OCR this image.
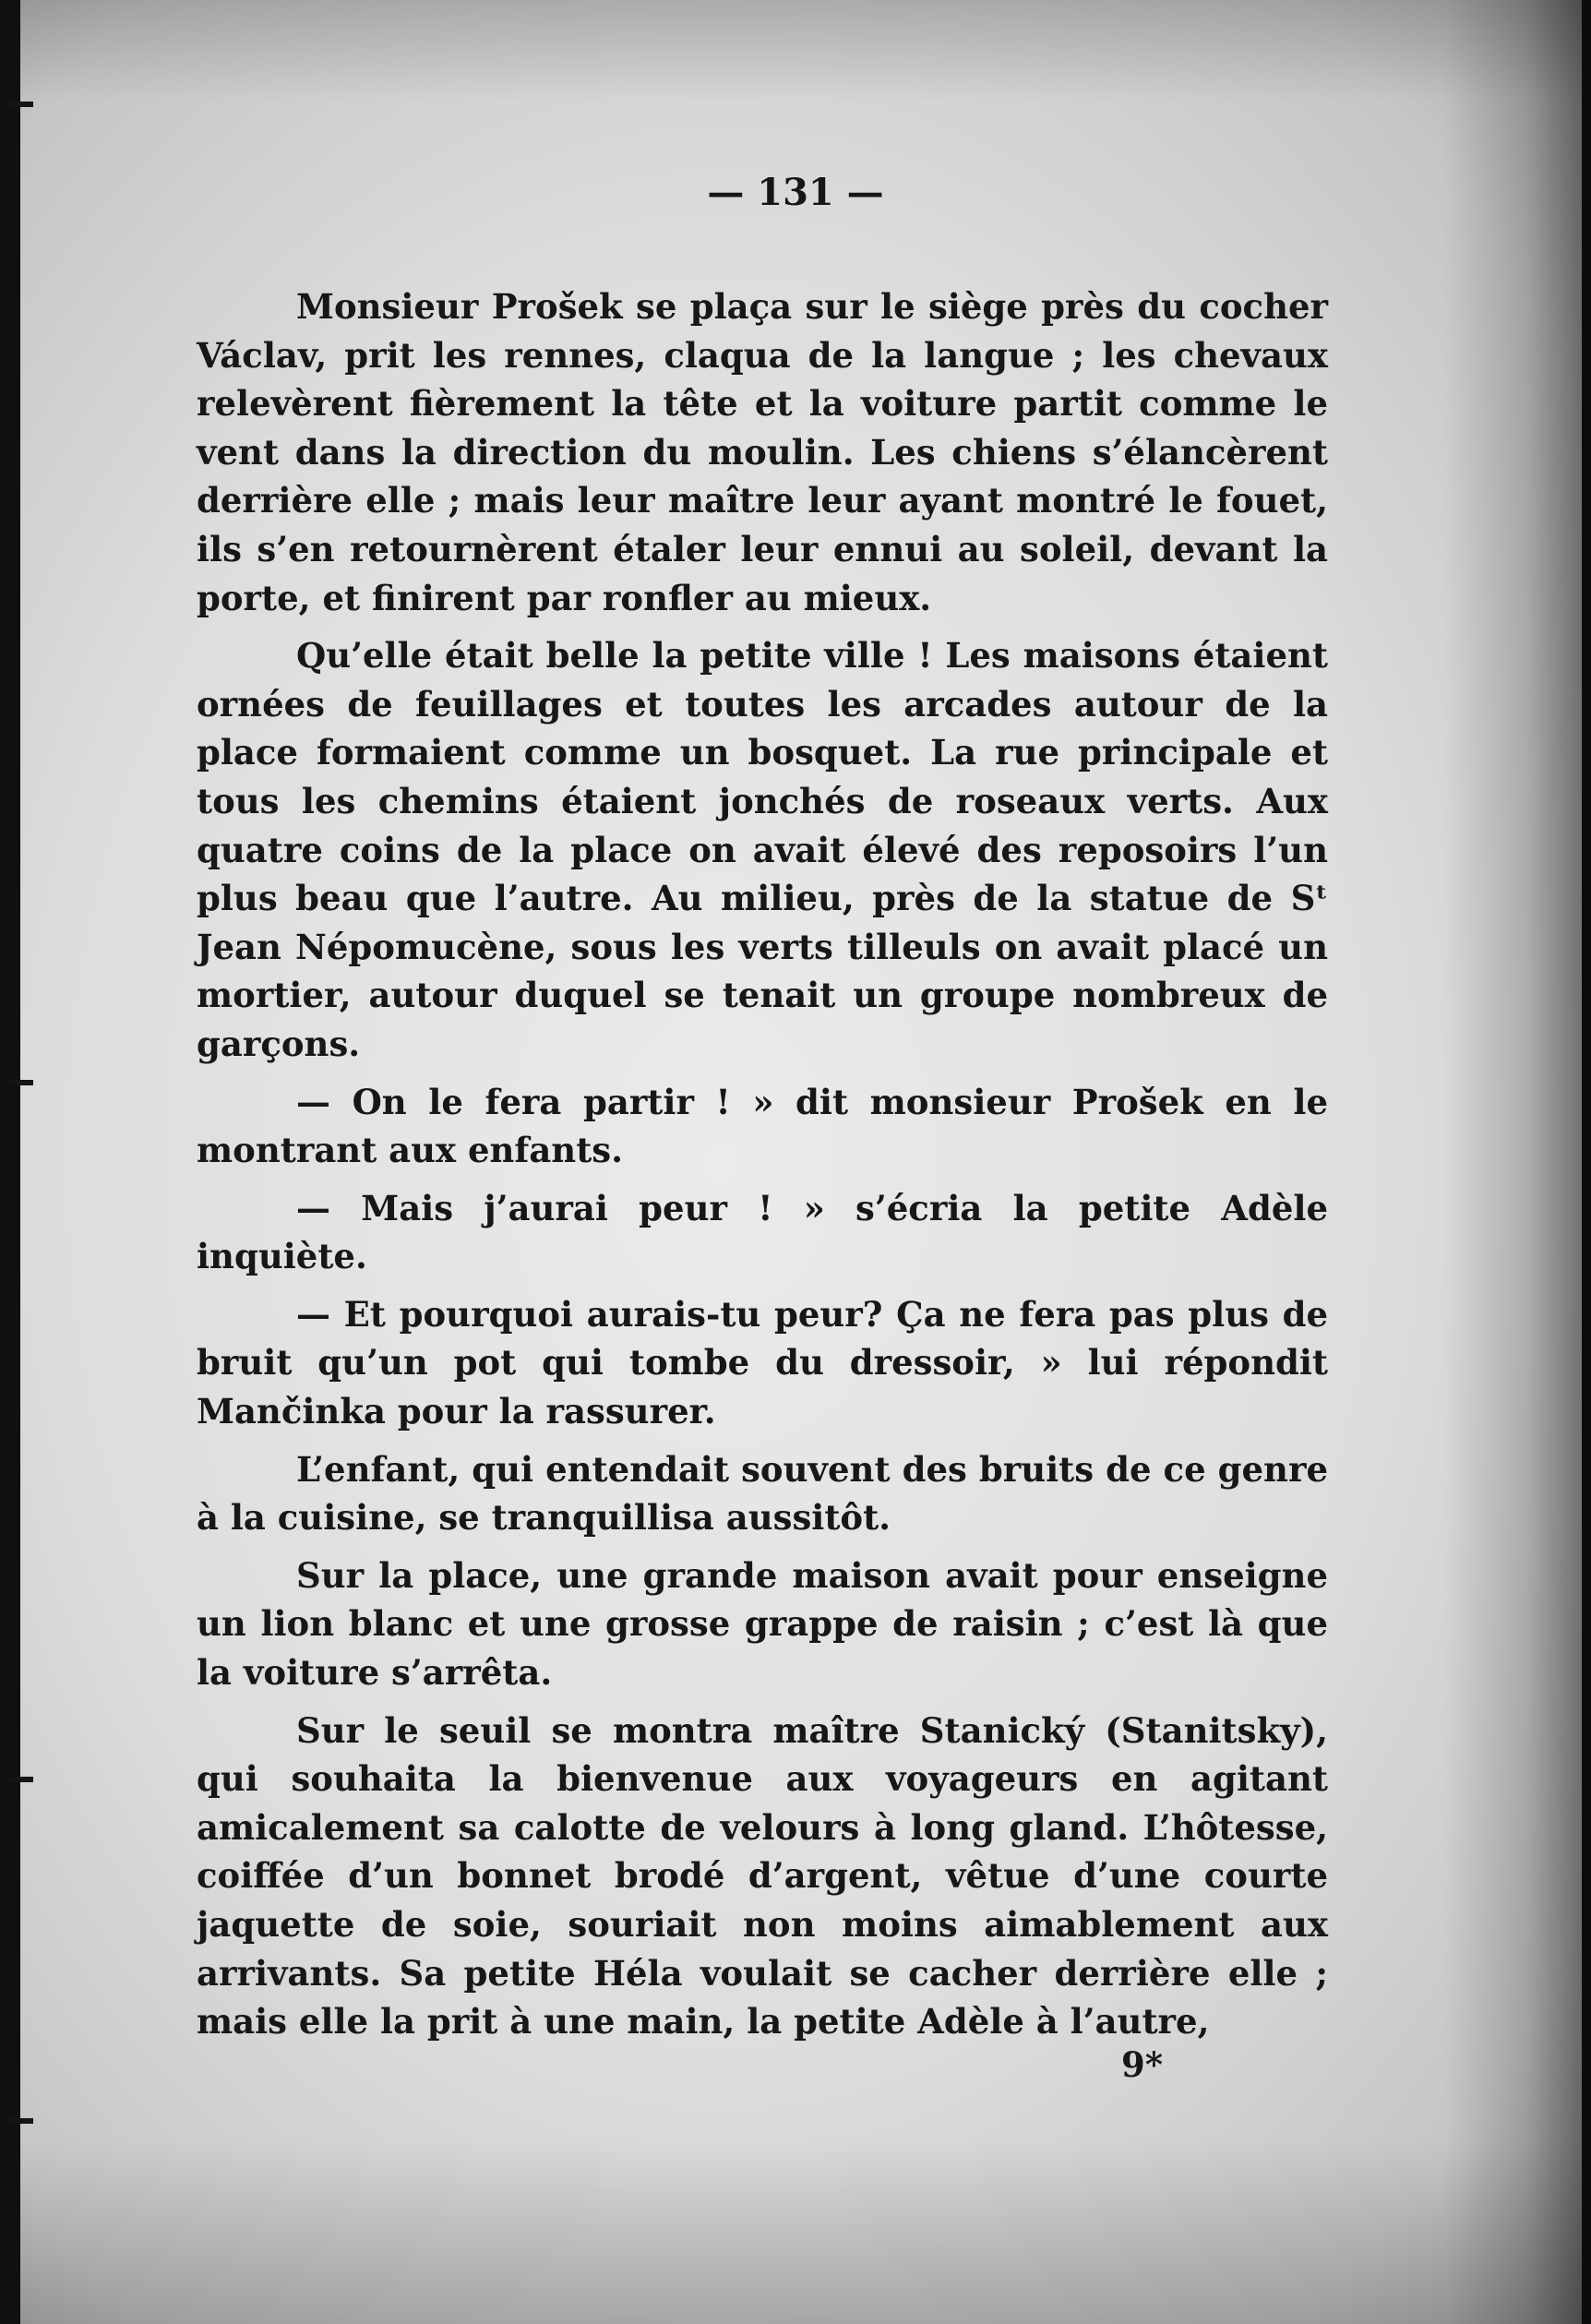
— 131 —

Monsieur Prošek se plaça sur le siège près du cocher Václav, prit les rennes, claqua de la langue ; les chevaux relevèrent fièrement la tête et la voiture partit comme le vent dans la direction du moulin. Les chiens s’élancèrent derrière elle ; mais leur maître leur ayant montré le fouet, ils s’en retournèrent étaler leur ennui au soleil, devant la porte, et finirent par ronfler au mieux.

Qu’elle était belle la petite ville ! Les maisons étaient ornées de feuillages et toutes les arcades autour de la place formaient comme un bosquet. La rue principale et tous les chemins étaient jonchés de roseaux verts. Aux quatre coins de la place on avait élevé des reposoirs l’un plus beau que l’autre. Au milieu, près de la statue de Sᵗ Jean Népomucène, sous les verts tilleuls on avait placé un mortier, autour duquel se tenait un groupe nombreux de garçons.

— On le fera partir ! » dit monsieur Prošek en le montrant aux enfants.

— Mais j’aurai peur ! » s’écria la petite Adèle inquiète.

— Et pourquoi aurais-tu peur? Ça ne fera pas plus de bruit qu’un pot qui tombe du dressoir, » lui répondit Mančinka pour la rassurer.

L’enfant, qui entendait souvent des bruits de ce genre à la cuisine, se tranquillisa aussitôt.

Sur la place, une grande maison avait pour enseigne un lion blanc et une grosse grappe de raisin ; c’est là que la voiture s’arrêta.

Sur le seuil se montra maître Stanický (Stanitsky), qui souhaita la bienvenue aux voyageurs en agitant amicalement sa calotte de velours à long gland. L’hôtesse, coiffée d’un bonnet brodé d’argent, vêtue d’une courte jaquette de soie, souriait non moins aimablement aux arrivants. Sa petite Héla voulait se cacher derrière elle ; mais elle la prit à une main, la petite Adèle à l’autre,

9*
